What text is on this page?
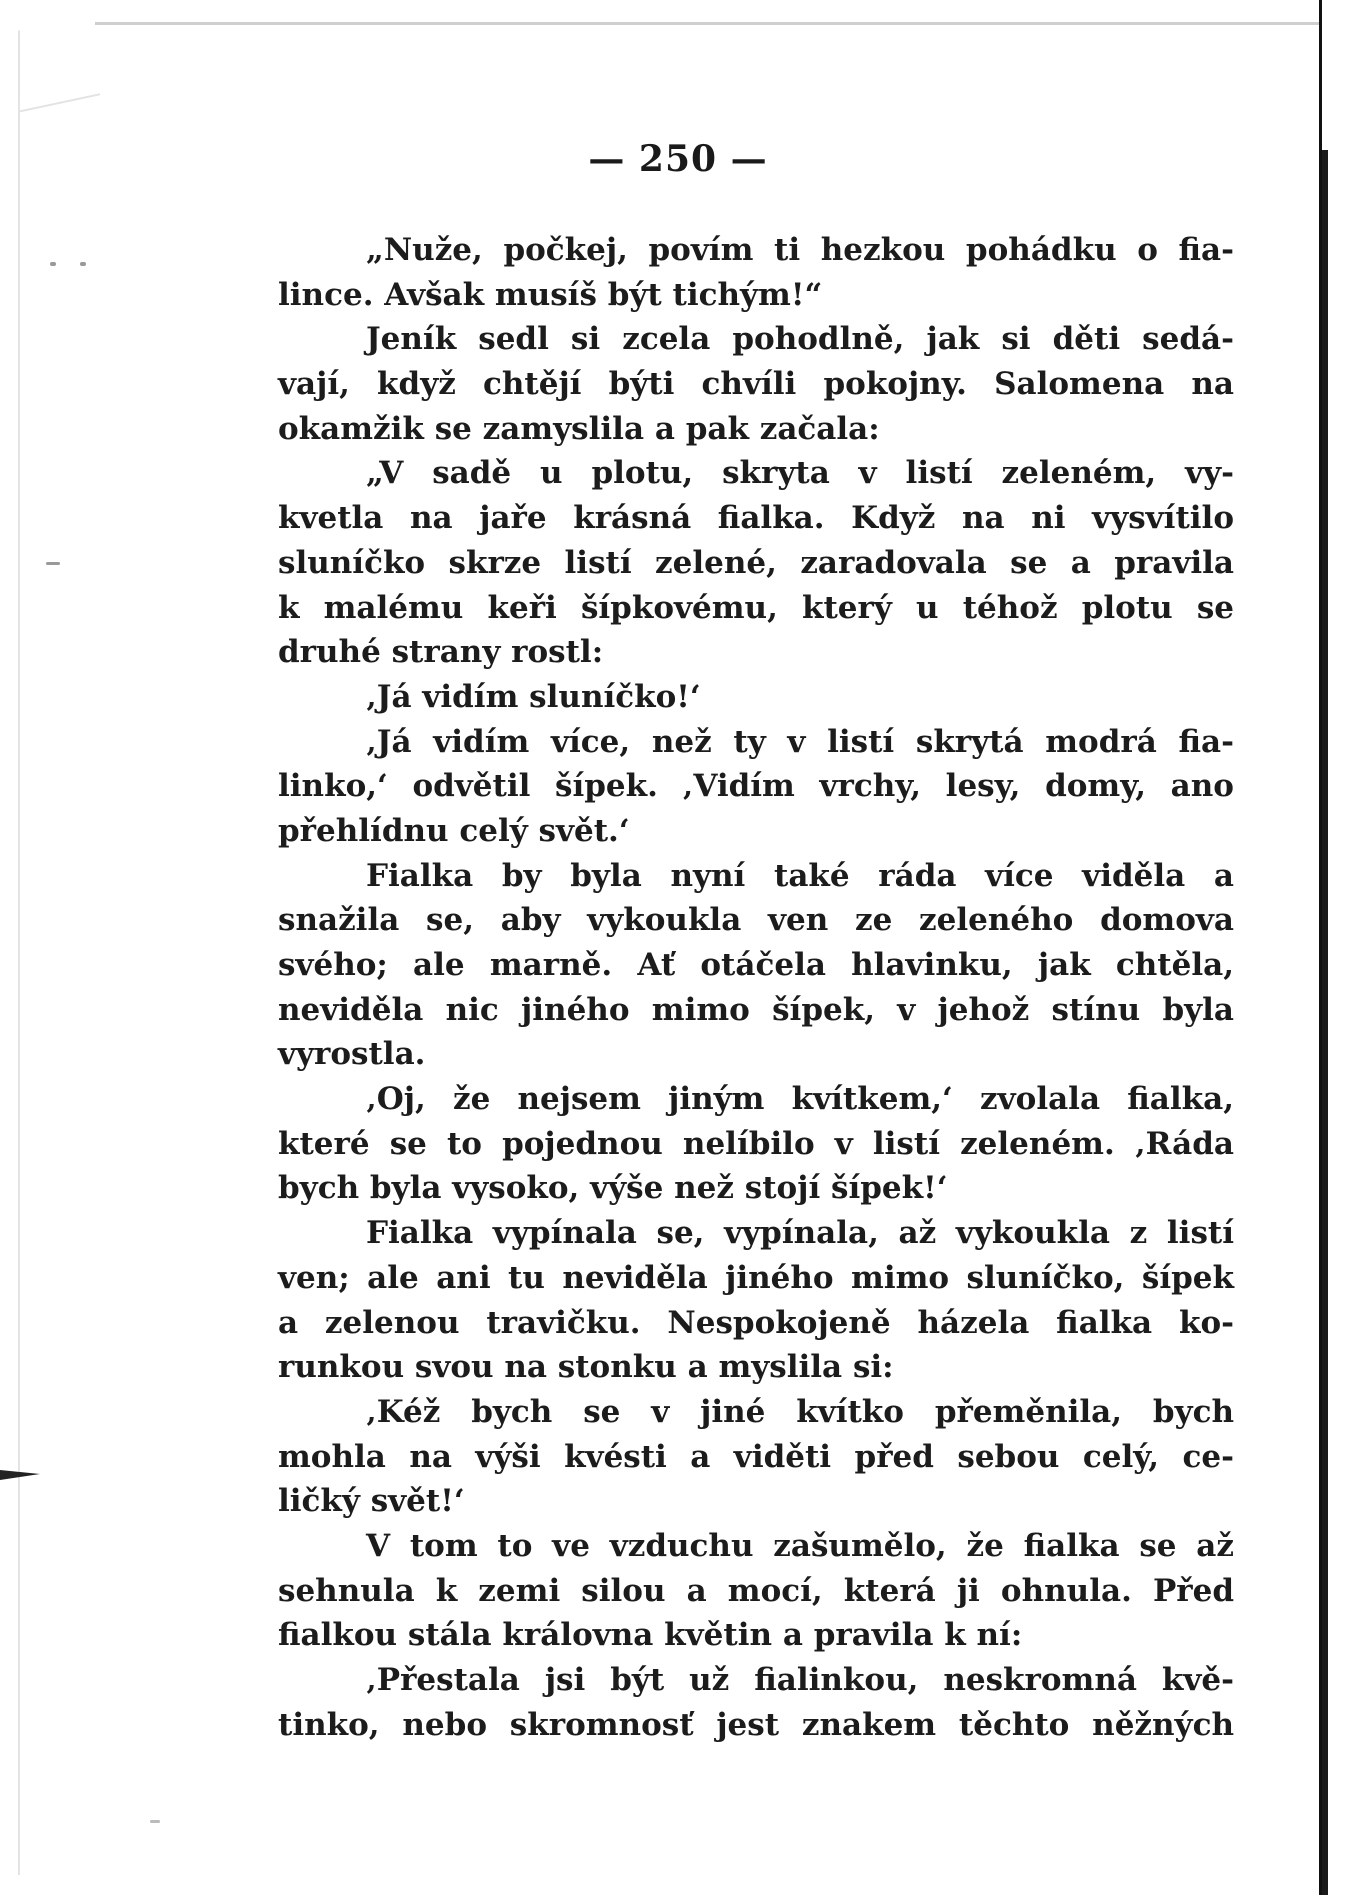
— 250 —
„Nuže, počkej, povím ti hezkou pohádku o fia-
lince. Avšak musíš být tichým!“
Jeník sedl si zcela pohodlně, jak si děti sedá-
vají, když chtějí býti chvíli pokojny. Salomena na
okamžik se zamyslila a pak začala:
„V sadě u plotu, skryta v listí zeleném, vy-
kvetla na jaře krásná fialka. Když na ni vysvítilo
sluníčko skrze listí zelené, zaradovala se a pravila
k malému keři šípkovému, který u téhož plotu se
druhé strany rostl:
‚Já vidím sluníčko!‘
‚Já vidím více, než ty v listí skrytá modrá fia-
linko,‘ odvětil šípek. ‚Vidím vrchy, lesy, domy, ano
přehlídnu celý svět.‘
Fialka by byla nyní také ráda více viděla a
snažila se, aby vykoukla ven ze zeleného domova
svého; ale marně. Ať otáčela hlavinku, jak chtěla,
neviděla nic jiného mimo šípek, v jehož stínu byla
vyrostla.
‚Oj, že nejsem jiným kvítkem,‘ zvolala fialka,
které se to pojednou nelíbilo v listí zeleném. ‚Ráda
bych byla vysoko, výše než stojí šípek!‘
Fialka vypínala se, vypínala, až vykoukla z listí
ven; ale ani tu neviděla jiného mimo sluníčko, šípek
a zelenou travičku. Nespokojeně házela fialka ko-
runkou svou na stonku a myslila si:
‚Kéž bych se v jiné kvítko přeměnila, bych
mohla na výši kvésti a viděti před sebou celý, ce-
ličký svět!‘
V tom to ve vzduchu zašumělo, že fialka se až
sehnula k zemi silou a mocí, která ji ohnula. Před
fialkou stála královna květin a pravila k ní:
‚Přestala jsi být už fialinkou, neskromná kvě-
tinko, nebo skromnosť jest znakem těchto něžných
